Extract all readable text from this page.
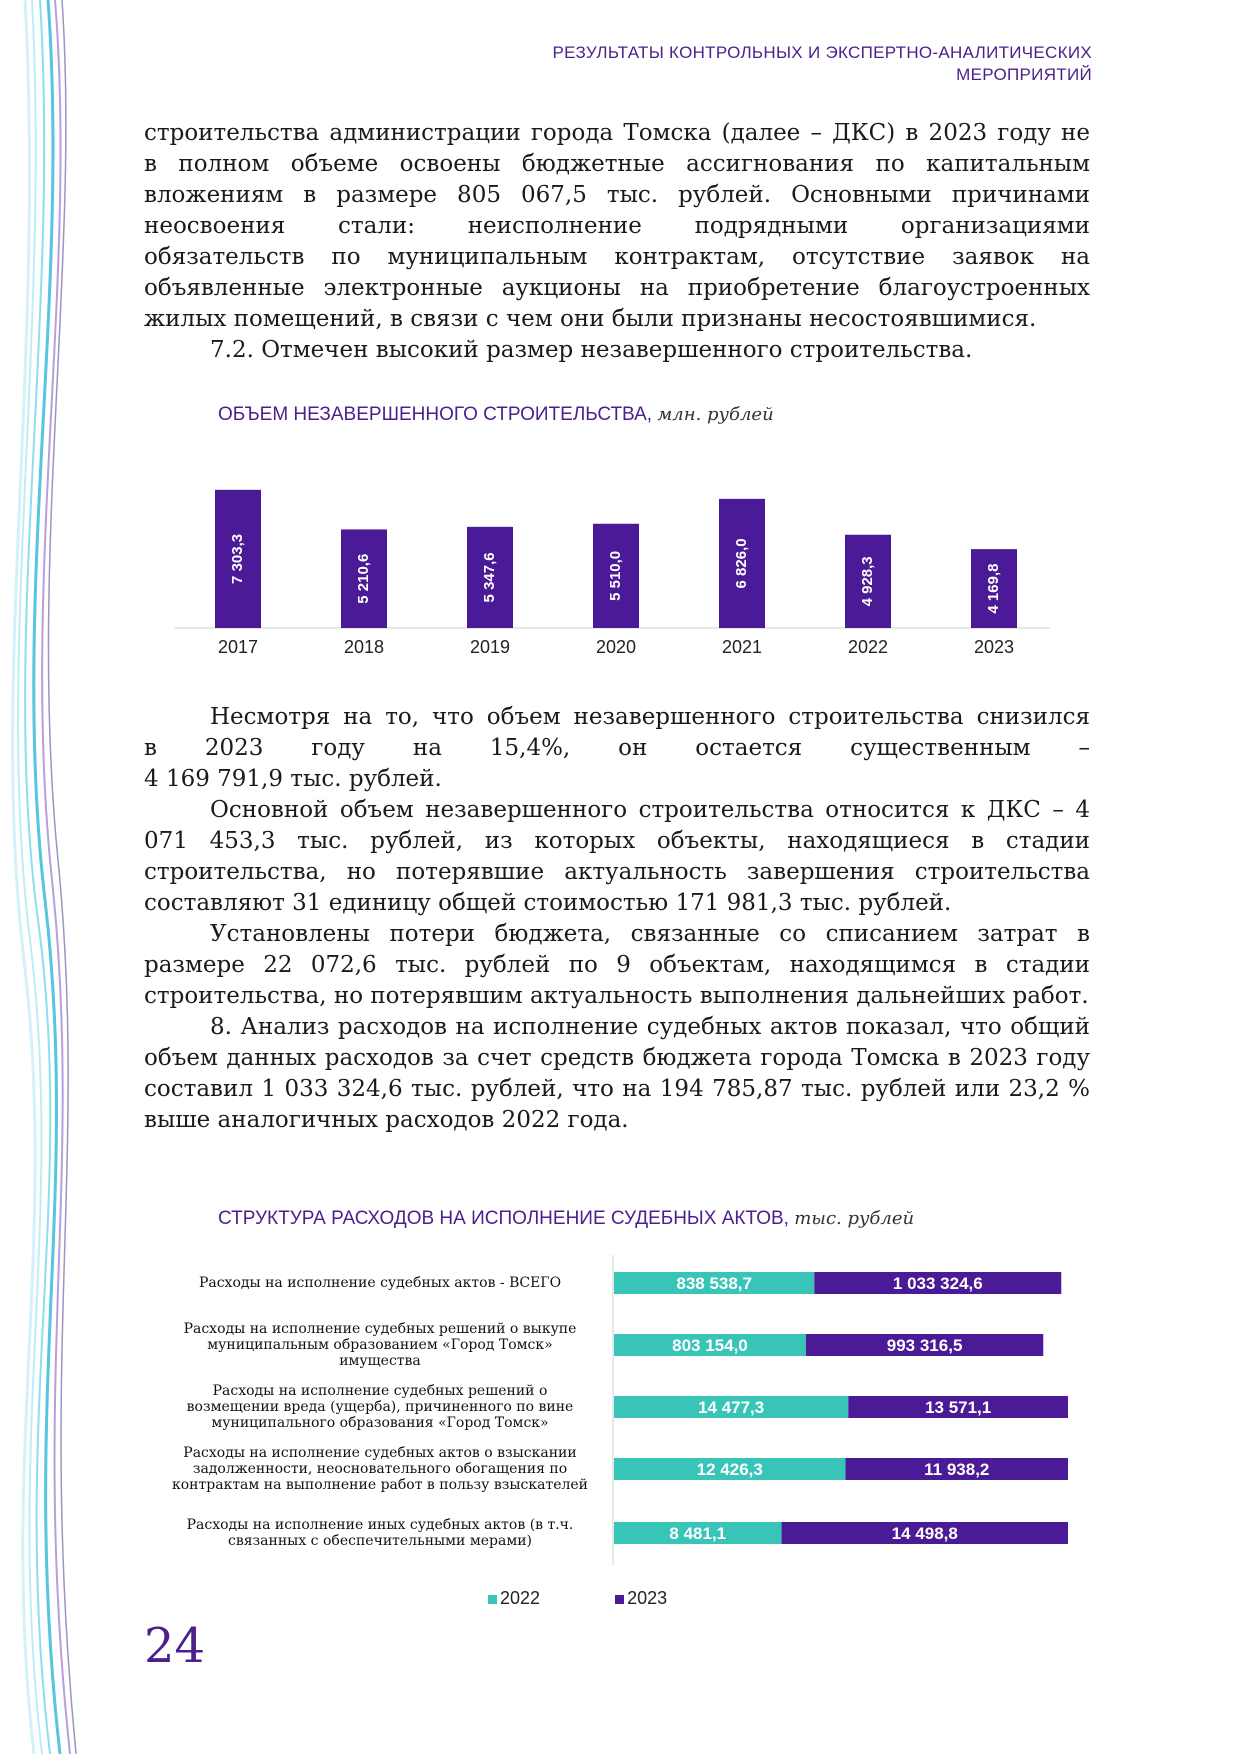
РЕЗУЛЬТАТЫ КОНТРОЛЬНЫХ И ЭКСПЕРТНО-АНАЛИТИЧЕСКИХ
МЕРОПРИЯТИЙ

строительства администрации города Томска (далее – ДКС) в 2023 году не

в полном объеме освоены бюджетные ассигнования по капитальным

вложениям в размере 805 067,5 тыс. рублей. Основными причинами

неосвоения стали: неисполнение подрядными организациями

обязательств по муниципальным контрактам, отсутствие заявок на

объявленные электронные аукционы на приобретение благоустроенных

жилых помещений, в связи с чем они были признаны несостоявшимися.

7.2. Отмечен высокий размер незавершенного строительства.

ОБЪЕМ НЕЗАВЕРШЕННОГО СТРОИТЕЛЬСТВА, млн. рублей
7 303,3
2017
5 210,6
2018
5 347,6
2019
5 510,0
2020
6 826,0
2021
4 928,3
2022
4 169,8
2023

Несмотря на то, что объем незавершенного строительства снизился

в 2023 году на 15,4%, он остается существенным –

4 169 791,9 тыс. рублей.

Основной объем незавершенного строительства относится к ДКС – 4 071 453,3 тыс. рублей, из которых объекты, находящиеся в стадии строительства, но потерявшие актуальность завершения строительства составляют 31 единицу общей стоимостью 171 981,3 тыс. рублей.

Установлены потери бюджета, связанные со списанием затрат в размере 22 072,6 тыс. рублей по 9 объектам, находящимся в стадии строительства, но потерявшим актуальность выполнения дальнейших работ.

8. Анализ расходов на исполнение судебных актов показал, что общий объем данных расходов за счет средств бюджета города Томска в 2023 году составил 1 033 324,6 тыс. рублей, что на 194 785,87 тыс. рублей или 23,2 % выше аналогичных расходов 2022 года.

СТРУКТУРА РАСХОДОВ НА ИСПОЛНЕНИЕ СУДЕБНЫХ АКТОВ, тыс. рублей
Расходы на исполнение судебных актов - ВСЕГО
Расходы на исполнение судебных решений о выкупе
муниципальным образованием «Город Томск»
имущества
Расходы на исполнение судебных решений о
возмещении вреда (ущерба), причиненного по вине
муниципального образования «Город Томск»
Расходы на исполнение судебных актов о взыскании
задолженности, неосновательного обогащения по
контрактам на выполнение работ в пользу взыскателей
Расходы на исполнение иных судебных актов (в т.ч.
связанных с обеспечительными мерами)
838 538,7	1 033 324,6
803 154,0	993 316,5
14 477,3	13 571,1
12 426,3	11 938,2
8 481,1	14 498,8
2022	2023
24
